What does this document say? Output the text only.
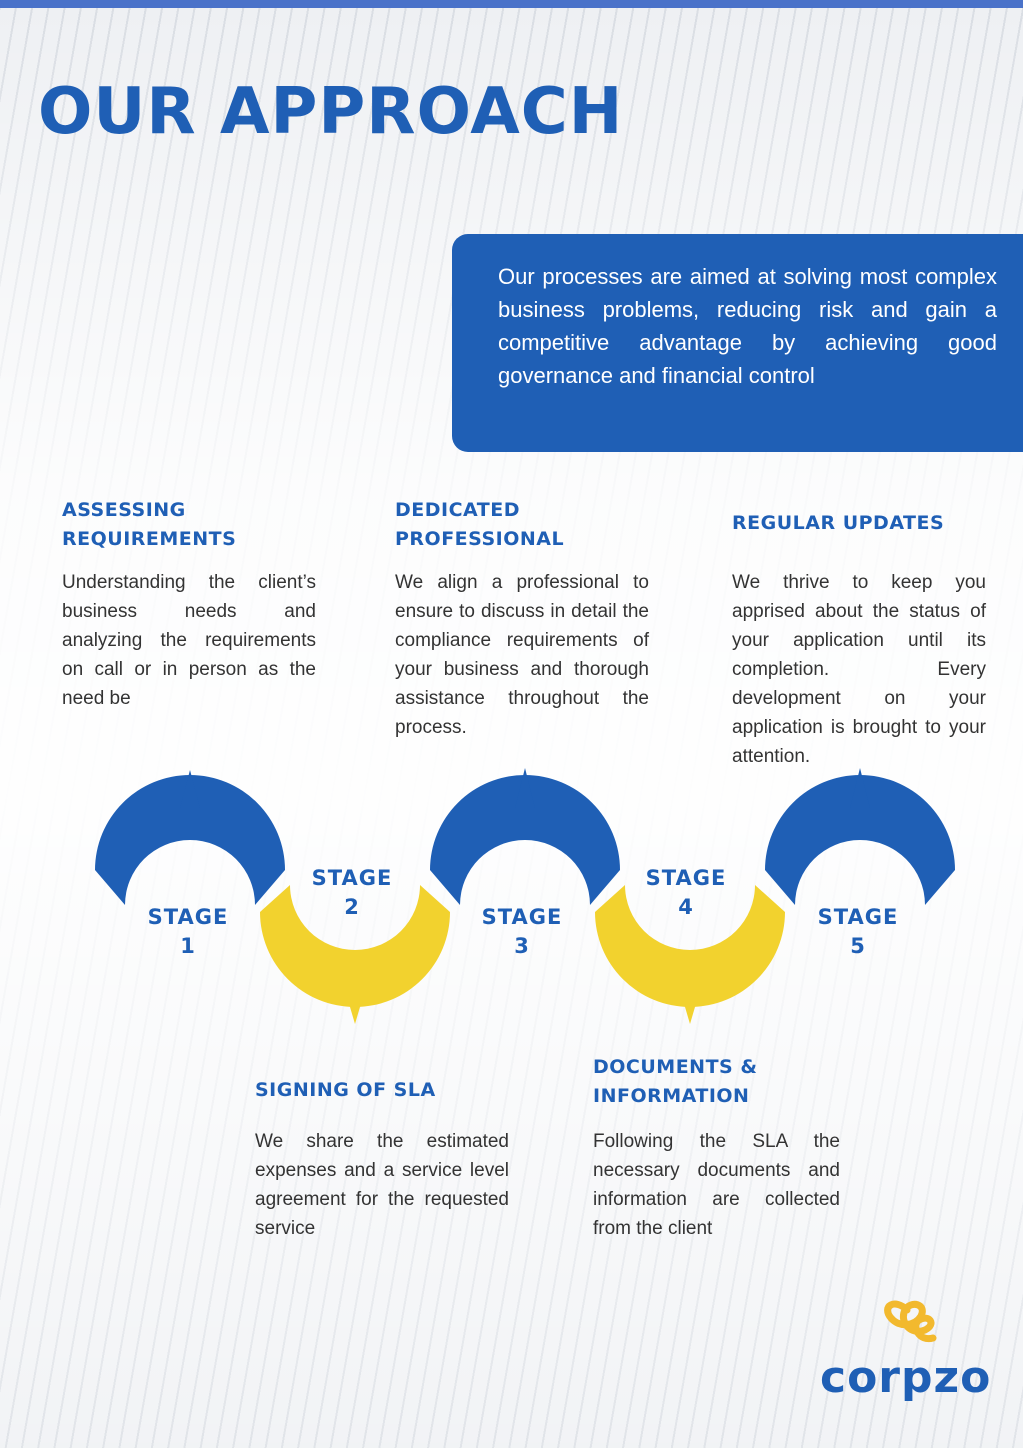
OUR APPROACH

Our processes are aimed at solving most complex business problems, reducing risk and gain a competitive advantage by achieving good governance and financial control

ASSESSING REQUIREMENTS

Understanding the client’s business needs and analyzing the requirements on call or in person as the need be

DEDICATED PROFESSIONAL

We align a professional to ensure to discuss in detail the compliance requirements of your business and thorough assistance throughout the process.

REGULAR UPDATES

We thrive to keep you apprised about the status of your application until its completion. Every development on your application is brought to your attention.

STAGE
1
STAGE
2	STAGE
3
STAGE
4	STAGE
5
SIGNING OF SLA

We share the estimated expenses and a service level agreement for the requested service

DOCUMENTS & INFORMATION

Following the SLA the necessary documents and information are collected from the client

corpzo
